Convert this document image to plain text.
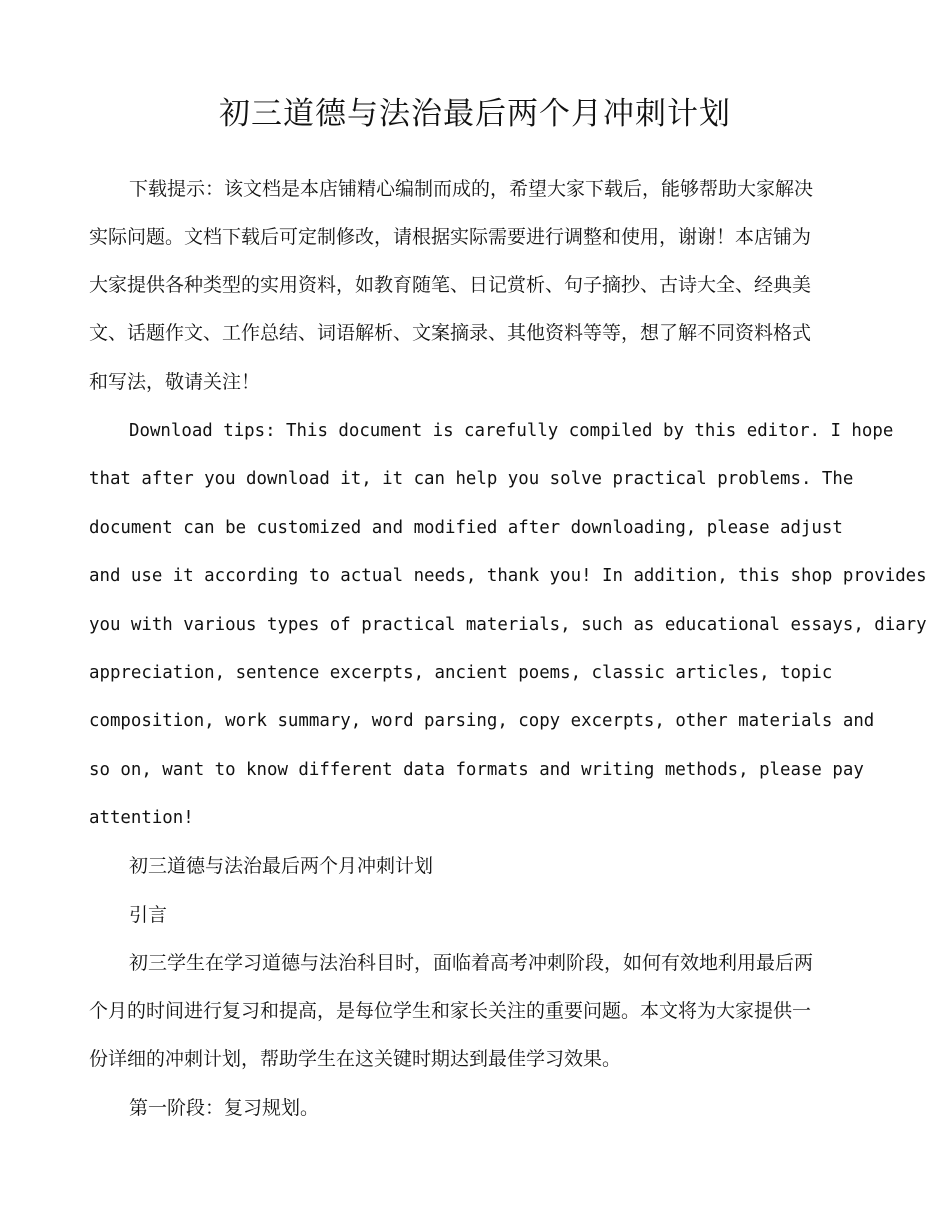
初三道德与法治最后两个月冲刺计划
下载提示：该文档是本店铺精心编制而成的，希望大家下载后，能够帮助大家解决
实际问题。文档下载后可定制修改，请根据实际需要进行调整和使用，谢谢！本店铺为
大家提供各种类型的实用资料，如教育随笔、日记赏析、句子摘抄、古诗大全、经典美
文、话题作文、工作总结、词语解析、文案摘录、其他资料等等，想了解不同资料格式
和写法，敬请关注！
Download tips: This document is carefully compiled by this editor. I hope
that after you download it, it can help you solve practical problems. The
document can be customized and modified after downloading, please adjust
and use it according to actual needs, thank you! In addition, this shop provides
you with various types of practical materials, such as educational essays, diary
appreciation, sentence excerpts, ancient poems, classic articles, topic
composition, work summary, word parsing, copy excerpts, other materials and
so on, want to know different data formats and writing methods, please pay
attention!
初三道德与法治最后两个月冲刺计划
引言
初三学生在学习道德与法治科目时，面临着高考冲刺阶段，如何有效地利用最后两
个月的时间进行复习和提高，是每位学生和家长关注的重要问题。本文将为大家提供一
份详细的冲刺计划，帮助学生在这关键时期达到最佳学习效果。
第一阶段：复习规划。
